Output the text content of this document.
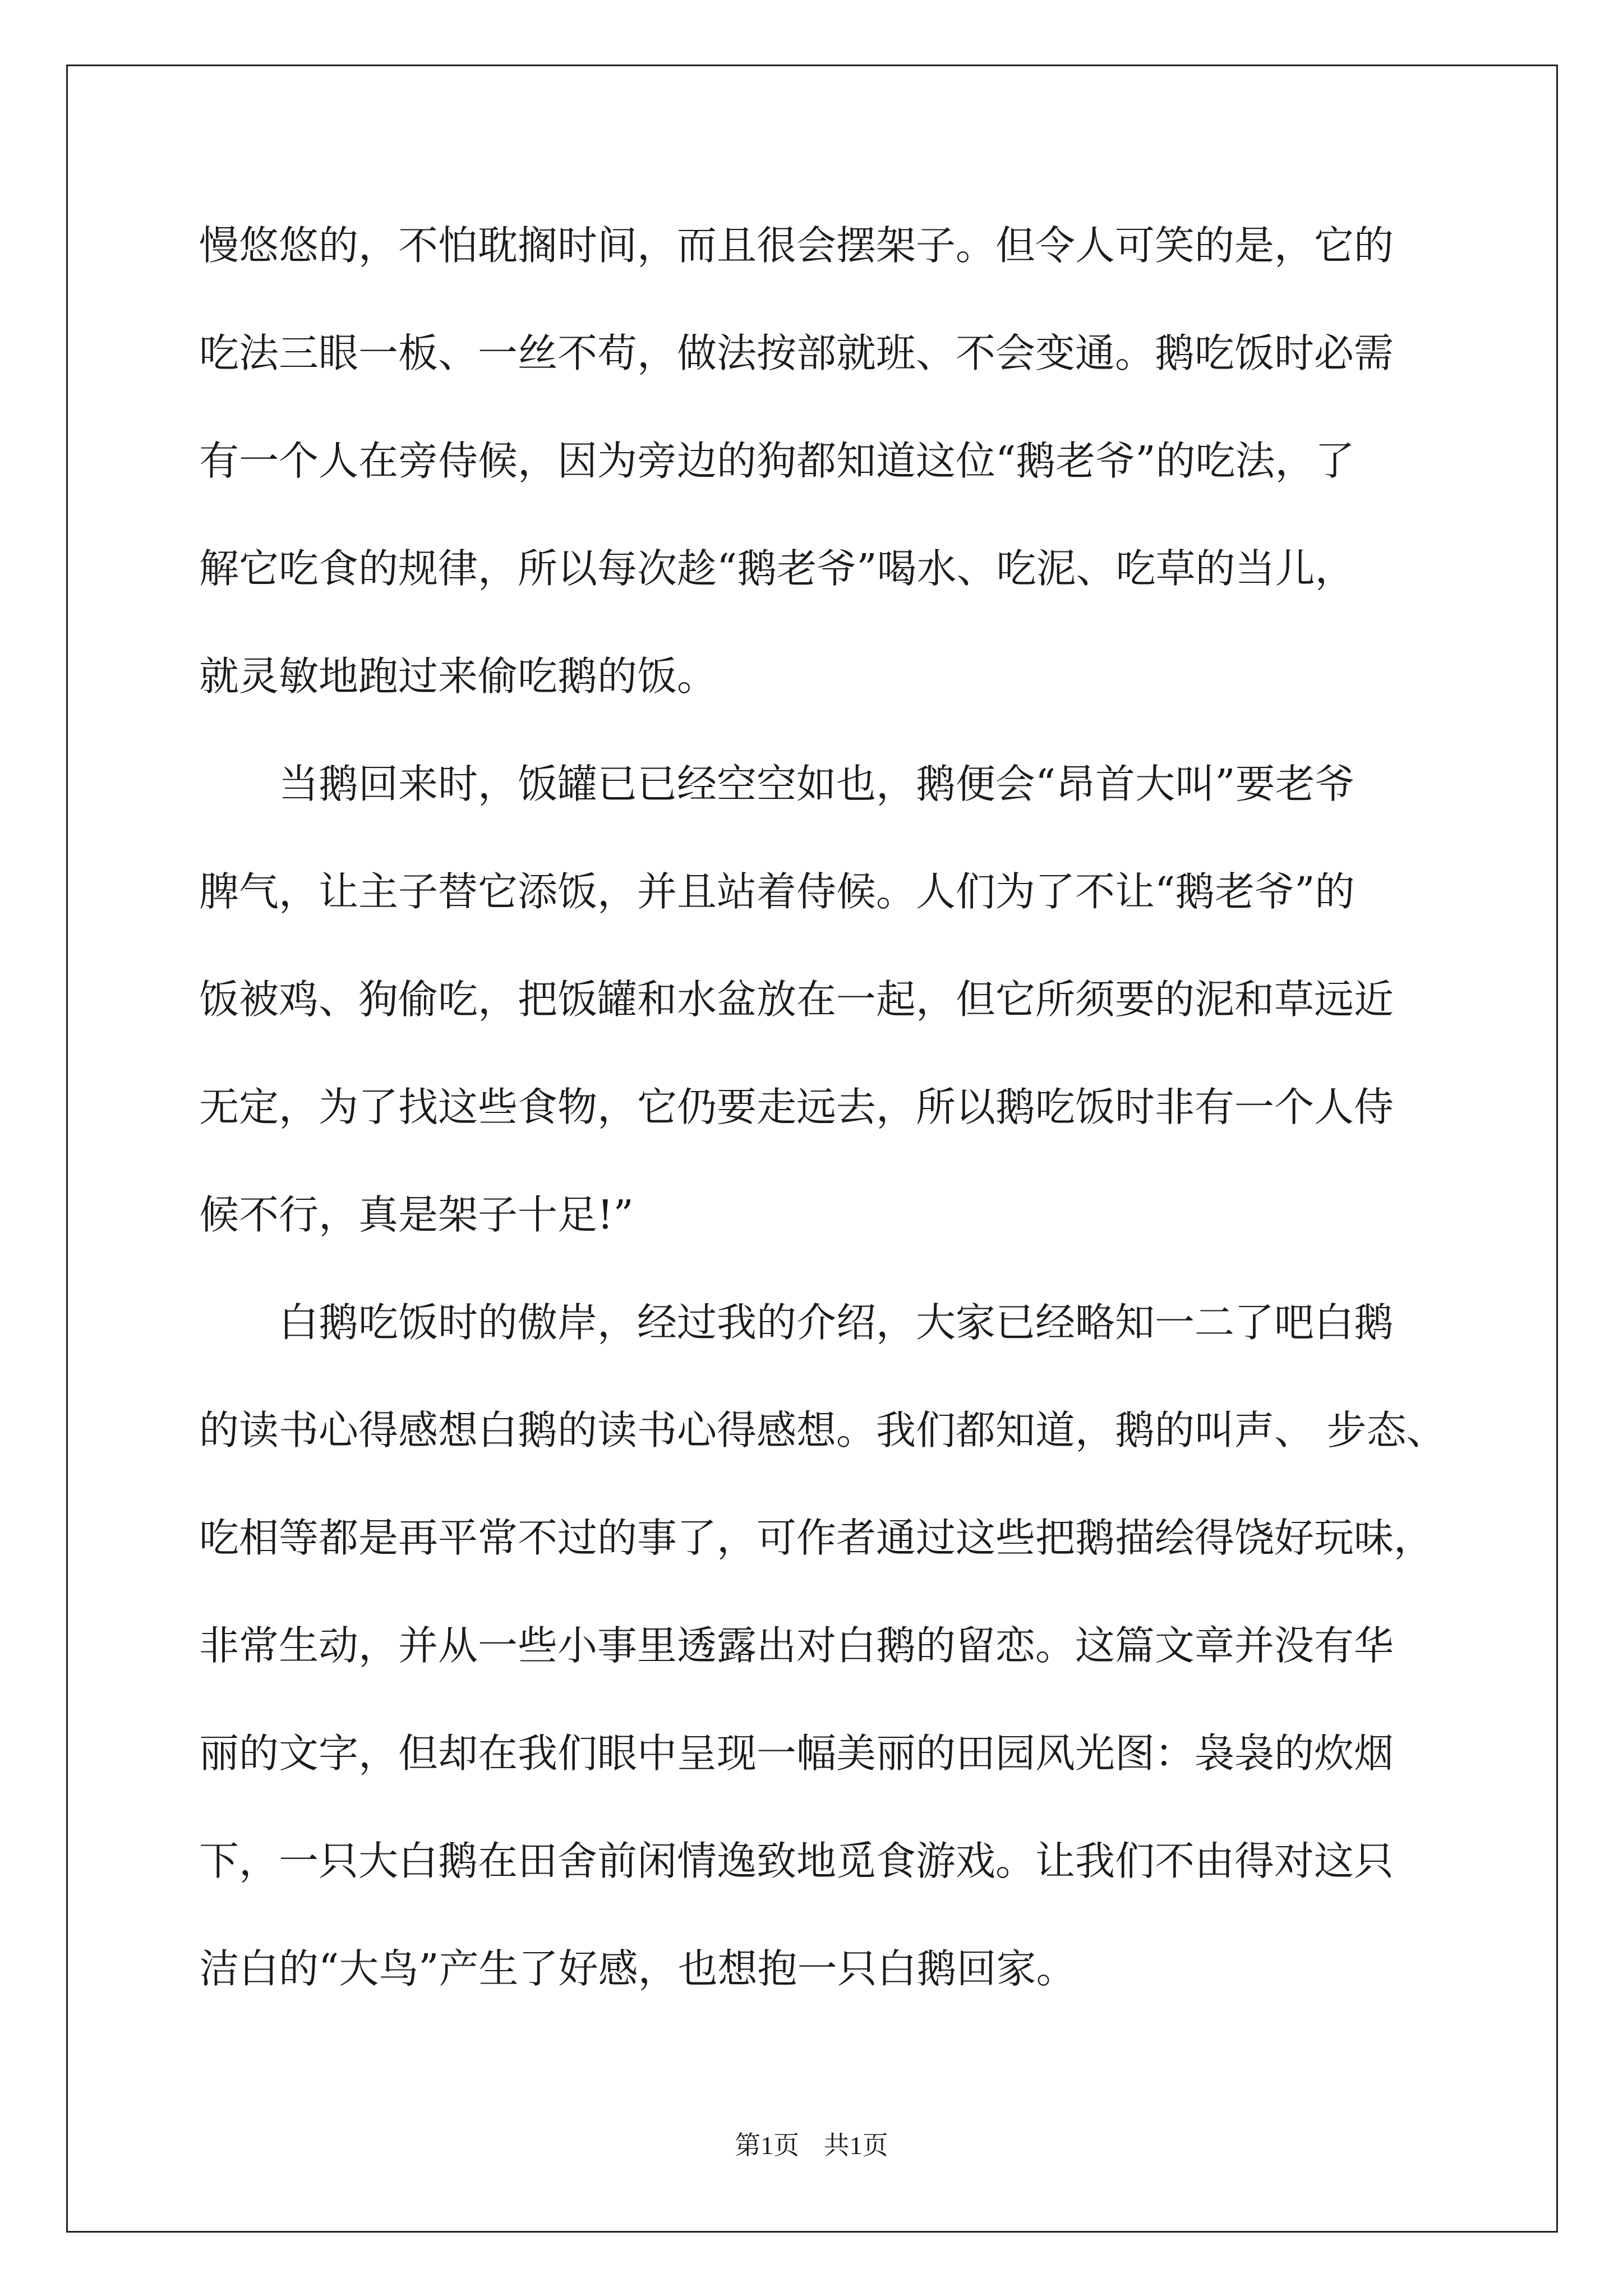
慢悠悠的，不怕耽搁时间，而且很会摆架子。但令人可笑的是，它的
吃法三眼一板、一丝不苟，做法按部就班、不会变通。鹅吃饭时必需
有一个人在旁侍候，因为旁边的狗都知道这位“鹅老爷”的吃法，了
解它吃食的规律，所以每次趁“鹅老爷”喝水、吃泥、吃草的当儿，
就灵敏地跑过来偷吃鹅的饭。
　　当鹅回来时，饭罐已已经空空如也，鹅便会“昂首大叫”要老爷
脾气，让主子替它添饭，并且站着侍候。人们为了不让“鹅老爷”的
饭被鸡、狗偷吃，把饭罐和水盆放在一起，但它所须要的泥和草远近
无定，为了找这些食物，它仍要走远去，所以鹅吃饭时非有一个人侍
候不行，真是架子十足!”
　　白鹅吃饭时的傲岸，经过我的介绍，大家已经略知一二了吧白鹅
的读书心得感想白鹅的读书心得感想。我们都知道，鹅的叫声、 步态、
吃相等都是再平常不过的事了，可作者通过这些把鹅描绘得饶好玩味，
非常生动，并从一些小事里透露出对白鹅的留恋。这篇文章并没有华
丽的文字，但却在我们眼中呈现一幅美丽的田园风光图：袅袅的炊烟
下，一只大白鹅在田舍前闲情逸致地觅食游戏。让我们不由得对这只
洁白的“大鸟”产生了好感，也想抱一只白鹅回家。
第1页 共1页
